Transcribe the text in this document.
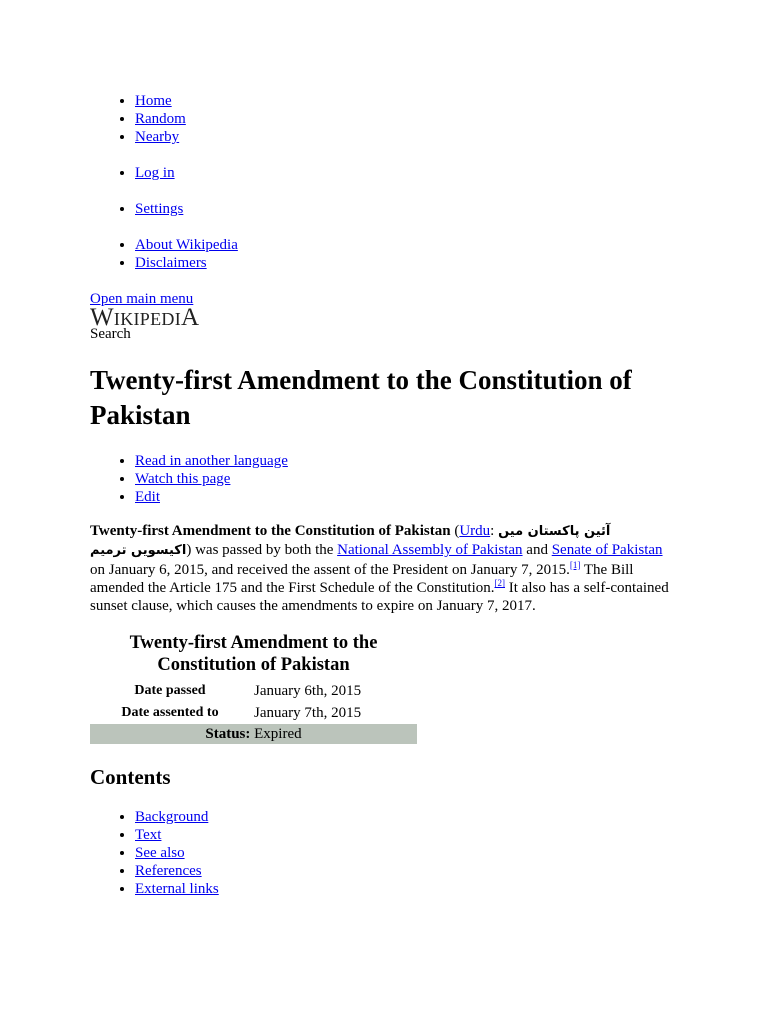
• Home
• Random
• Nearby
• Log in
• Settings
• About Wikipedia
• Disclaimers
Open main menu
WIKIPEDIA
Search
Twenty-first Amendment to the Constitution of Pakistan
• Read in another language
• Watch this page
• Edit

Twenty-first Amendment to the Constitution of Pakistan (Urdu: آئین پاکستان میں اکیسویں ترمیم) was passed by both the National Assembly of Pakistan and Senate of Pakistan on January 6, 2015, and received the assent of the President on January 7, 2015.[1] The Bill amended the Article 175 and the First Schedule of the Constitution.[2] It also has a self-contained sunset clause, which causes the amendments to expire on January 7, 2017.

Twenty-first Amendment to the Constitution of Pakistan
Date passed	January 6th, 2015
Date assented to	January 7th, 2015
Status: Expired	
Contents
• Background
• Text
• See also
• References
• External links
